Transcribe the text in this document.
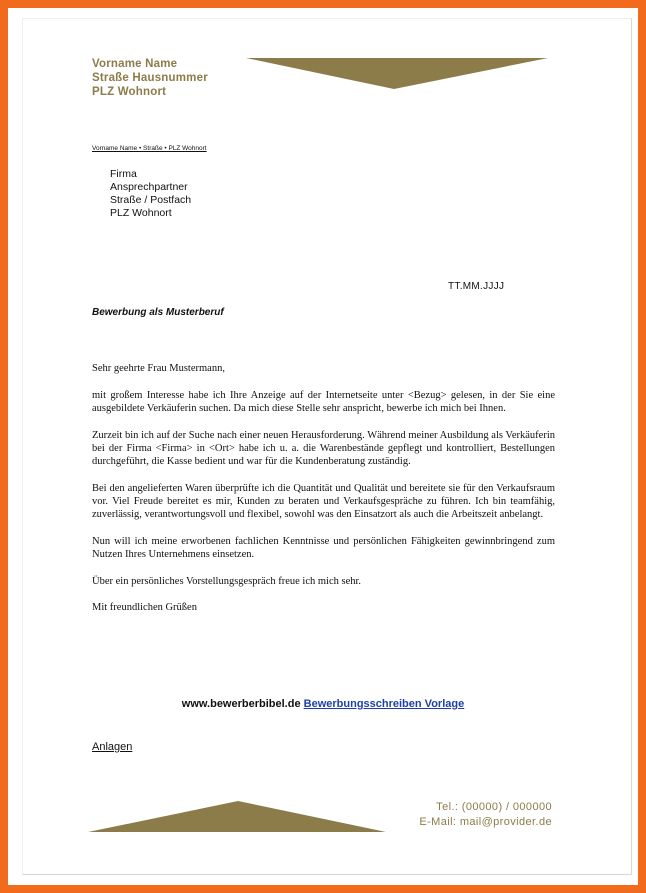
Vorname Name
Straße Hausnummer
PLZ Wohnort
Vorname Name • Straße • PLZ Wohnort
Firma
Ansprechpartner
Straße / Postfach
PLZ Wohnort
TT.MM.JJJJ
Bewerbung als Musterberuf

Sehr geehrte Frau Mustermann,

mit großem Interesse habe ich Ihre Anzeige auf der Internetseite unter <Bezug> gelesen, in der Sie eine ausgebildete Verkäuferin suchen. Da mich diese Stelle sehr anspricht, bewerbe ich mich bei Ihnen.

Zurzeit bin ich auf der Suche nach einer neuen Herausforderung. Während meiner Ausbildung als Verkäuferin bei der Firma <Firma> in <Ort> habe ich u. a. die Warenbestände gepflegt und kontrolliert, Bestellungen durchgeführt, die Kasse bedient und war für die Kundenberatung zuständig.

Bei den angelieferten Waren überprüfte ich die Quantität und Qualität und bereitete sie für den Verkaufsraum vor. Viel Freude bereitet es mir, Kunden zu beraten und Verkaufsgespräche zu führen. Ich bin teamfähig, zuverlässig, verantwortungsvoll und flexibel, sowohl was den Einsatzort als auch die Arbeitszeit anbelangt.

Nun will ich meine erworbenen fachlichen Kenntnisse und persönlichen Fähigkeiten gewinnbringend zum Nutzen Ihres Unternehmens einsetzen.

Über ein persönliches Vorstellungsgespräch freue ich mich sehr.

Mit freundlichen Grüßen

www.bewerberbibel.de Bewerbungsschreiben Vorlage
Anlagen
Tel.: (00000) / 000000
E-Mail: mail@provider.de
